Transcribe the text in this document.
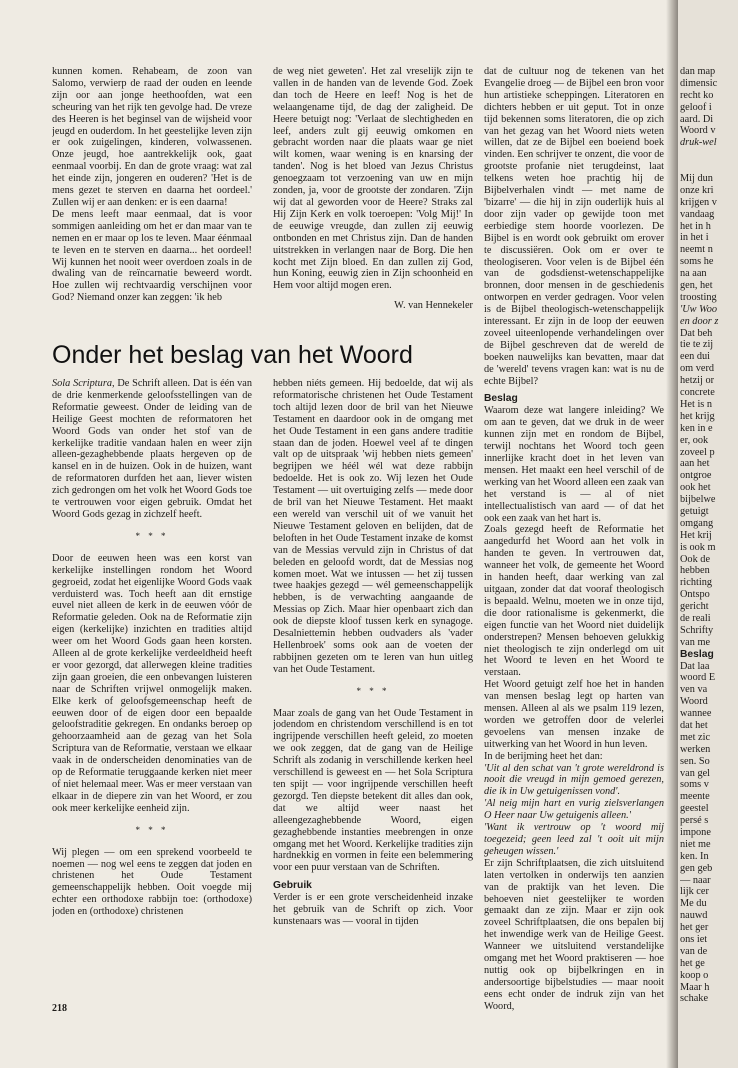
kunnen komen. Rehabeam, de zoon van Salomo, verwierp de raad der ouden en leende zijn oor aan jonge heethoofden, wat een scheuring van het rijk ten gevolge had. De vreze des Heeren is het beginsel van de wijsheid voor jeugd en ouderdom. In het geestelijke leven zijn er ook zuigelingen, kinderen, volwassenen. Onze jeugd, hoe aantrekkelijk ook, gaat eenmaal voorbij. En dan de grote vraag: wat zal het einde zijn, jongeren en ouderen? 'Het is de mens gezet te sterven en daarna het oordeel.' Zullen wij er aan denken: er is een daarna!

De mens leeft maar eenmaal, dat is voor sommigen aanleiding om het er dan maar van te nemen en er maar op los te leven. Maar éénmaal te leven en te sterven en daarna... het oordeel! Wij kunnen het nooit weer overdoen zoals in de dwaling van de reïncarnatie beweerd wordt. Hoe zullen wij rechtvaardig verschijnen voor God? Niemand onzer kan zeggen: 'ik heb

de weg niet geweten'. Het zal vreselijk zijn te vallen in de handen van de levende God. Zoek dan toch de Heere en leef! Nog is het de welaangename tijd, de dag der zaligheid. De Heere betuigt nog: 'Verlaat de slechtigheden en leef, anders zult gij eeuwig omkomen en gebracht worden naar die plaats waar ge niet wilt komen, waar wening is en knarsing der tanden'. Nog is het bloed van Jezus Christus genoegzaam tot verzoening van uw en mijn zonden, ja, voor de grootste der zondaren. 'Zijn wij dat al geworden voor de Heere? Straks zal Hij Zijn Kerk en volk toeroepen: 'Volg Mij!' In de eeuwige vreugde, dan zullen zij eeuwig ontbonden en met Christus zijn. Dan de handen uitstrekken in verlangen naar de Borg. Die hen kocht met Zijn bloed. En dan zullen zij God, hun Koning, eeuwig zien in Zijn schoonheid en Hem voor altijd mogen eren.

W. van Hennekeler
Onder het beslag van het Woord

Sola Scriptura, De Schrift alleen. Dat is één van de drie kenmerkende geloofsstellingen van de Reformatie geweest. Onder de leiding van de Heilige Geest mochten de reformatoren het Woord Gods van onder het stof van de kerkelijke traditie vandaan halen en weer zijn alleen-gezaghebbende plaats hergeven op de kansel en in de huizen. Ook in de huizen, want de reformatoren durfden het aan, liever wisten zich gedrongen om het volk het Woord Gods toe te vertrouwen voor eigen gebruik. Omdat het Woord Gods gezag in zichzelf heeft.

* * *

Door de eeuwen heen was een korst van kerkelijke instellingen rondom het Woord gegroeid, zodat het eigenlijke Woord Gods vaak verduisterd was. Toch heeft aan dit ernstige euvel niet alleen de kerk in de eeuwen vóór de Reformatie geleden. Ook na de Reformatie zijn eigen (kerkelijke) inzichten en tradities altijd weer om het Woord Gods gaan heen korsten. Alleen al de grote kerkelijke verdeeldheid heeft er voor gezorgd, dat allerwegen kleine tradities zijn gaan groeien, die een onbevangen luisteren naar de Schriften vrijwel onmogelijk maken. Elke kerk of geloofsgemeenschap heeft de eeuwen door of de eigen door een bepaalde geloofstraditie gekregen. En ondanks beroep op gehoorzaamheid aan de gezag van het Sola Scriptura van de Reformatie, verstaan we elkaar vaak in de onderscheiden denominaties van de op de Reformatie teruggaande kerken niet meer of niet helemaal meer. Was er meer verstaan van elkaar in de diepere zin van het Woord, er zou ook meer kerkelijke eenheid zijn.

* * *

Wij plegen — om een sprekend voorbeeld te noemen — nog wel eens te zeggen dat joden en christenen het Oude Testament gemeenschappelijk hebben. Ooit voegde mij echter een orthodoxe rabbijn toe: (orthodoxe) joden en (orthodoxe) christenen

hebben niéts gemeen. Hij bedoelde, dat wij als reformatorische christenen het Oude Testament toch altijd lezen door de bril van het Nieuwe Testament en daardoor ook in de omgang met het Oude Testament in een gans andere traditie staan dan de joden. Hoewel veel af te dingen valt op de uitspraak 'wij hebben niets gemeen' begrijpen we héél wél wat deze rabbijn bedoelde. Het is ook zo. Wij lezen het Oude Testament — uit overtuiging zelfs — mede door de bril van het Nieuwe Testament. Het maakt een wereld van verschil uit of we vanuit het Nieuwe Testament geloven en belijden, dat de beloften in het Oude Testament inzake de komst van de Messias vervuld zijn in Christus of dat beleden en geloofd wordt, dat de Messias nog komen moet. Wat we intussen — het zij tussen twee haakjes gezegd — wél gemeenschappelijk hebben, is de verwachting aangaande de Messias op Zich. Maar hier openbaart zich dan ook de diepste kloof tussen kerk en synagoge. Desalniettemin hebben oudvaders als 'vader Hellenbroek' soms ook aan de voeten der rabbijnen gezeten om te leren van hun uitleg van het Oude Testament.

* * *

Maar zoals de gang van het Oude Testament in jodendom en christendom verschillend is en tot ingrijpende verschillen heeft geleid, zo moeten we ook zeggen, dat de gang van de Heilige Schrift als zodanig in verschillende kerken heel verschillend is geweest en — het Sola Scriptura ten spijt — voor ingrijpende verschillen heeft gezorgd. Ten diepste betekent dit alles dan ook, dat we altijd weer naast het alleengezaghebbende Woord, eigen gezaghebbende instanties meebrengen in onze omgang met het Woord. Kerkelijke tradities zijn hardnekkig en vormen in feite een belemmering voor een puur verstaan van de Schriften.

Gebruik

Verder is er een grote verscheidenheid inzake het gebruik van de Schrift op zich. Voor kunstenaars was — vooral in tijden

dat de cultuur nog de tekenen van het Evangelie droeg — de Bijbel een bron voor hun artistieke scheppingen. Literatoren en dichters hebben er uit geput. Tot in onze tijd bekennen soms literatoren, die op zich van het gezag van het Woord niets weten willen, dat ze de Bijbel een boeiend boek vinden. Een schrijver te onzent, die voor de grootste profanie niet terugdeinst, laat telkens weten hoe prachtig hij de Bijbelverhalen vindt — met name de 'bizarre' — die hij in zijn ouderlijk huis al door zijn vader op gewijde toon met eerbiedige stem hoorde voorlezen. De Bijbel is en wordt ook gebruikt om erover te discussiëren. Ook om er over te theologiseren. Voor velen is de Bijbel één van de godsdienst-wetenschappelijke bronnen, door mensen in de geschiedenis ontworpen en verder gedragen. Voor velen is de Bijbel theologisch-wetenschappelijk interessant. Er zijn in de loop der eeuwen zoveel uiteenlopende verhandelingen over de Bijbel geschreven dat de wereld de boeken nauwelijks kan bevatten, maar dat de 'wereld' tevens vragen kan: wat is nu de echte Bijbel?

Beslag

Waarom deze wat langere inleiding? We om aan te geven, dat we druk in de weer kunnen zijn met en rondom de Bijbel, terwijl nochtans het Woord toch geen innerlijke kracht doet in het leven van mensen. Het maakt een heel verschil of de werking van het Woord alleen een zaak van het verstand is — al of niet intellectualistisch van aard — of dat het ook een zaak van het hart is.

Zoals gezegd heeft de Reformatie het aangedurfd het Woord aan het volk in handen te geven. In vertrouwen dat, wanneer het volk, de gemeente het Woord in handen heeft, daar werking van zal uitgaan, zonder dat dat vooraf theologisch is bepaald. Welnu, moeten we in onze tijd, die door rationalisme is gekenmerkt, die eigen functie van het Woord niet duidelijk onderstrepen? Mensen behoeven gelukkig niet theologisch te zijn onderlegd om uit het Woord te leven en het Woord te verstaan.

Het Woord getuigt zelf hoe het in handen van mensen beslag legt op harten van mensen. Alleen al als we psalm 119 lezen, worden we getroffen door de velerlei gevoelens van mensen inzake de uitwerking van het Woord in hun leven.

In de berijming heet het dan:

'Uit al den schat van 't grote wereldrond is nooit die vreugd in mijn gemoed gerezen, die ik in Uw getuigenissen vond'.

'Al neig mijn hart en vurig zielsverlangen O Heer naar Uw getuigenis alleen.'

'Want ik vertrouw op 't woord mij toegezeid; geen leed zal 't ooit uit mijn geheugen wissen.'

Er zijn Schriftplaatsen, die zich uitsluitend laten vertolken in onderwijs ten aanzien van de praktijk van het leven. Die behoeven niet geestelijker te worden gemaakt dan ze zijn. Maar er zijn ook zoveel Schriftplaatsen, die ons bepalen bij het inwendige werk van de Heilige Geest. Wanneer we uitsluitend verstandelijke omgang met het Woord praktiseren — hoe nuttig ook op bijbelkringen en in andersoortige bijbelstudies — maar nooit eens echt onder de indruk zijn van het Woord,

218
dan map
dimensic
recht ko
geloof i
aard. Di
Woord v
druk-wel
Mij dun
onze kri
krijgen v
vandaag
het in h
in het i
neemt n
soms he
na aan
gen, het
troosting
'Uw Woo
en door z
Dat beh
tie te zij
een dui
om verd
hetzij or
concrete
Het is n
het krijg
ken in e
er, ook
zoveel p
aan het
ontgroe
ook het
bijbelwe
getuigt
omgang
Het krij
is ook m
Ook de
hebben
richting
Ontspo
gericht
de reali
Schrifty
van me
Beslag
Dat laa
woord E
ven va
Woord
wannee
dat het
met zic
werken
sen. So
van gel
soms v
meente
geestel
persé s
impone
niet me
ken. In
gen geb
— naar
lijk cer
Me du
nauwd
het ger
ons iet
van de
het ge
koop o
Maar h
schake
